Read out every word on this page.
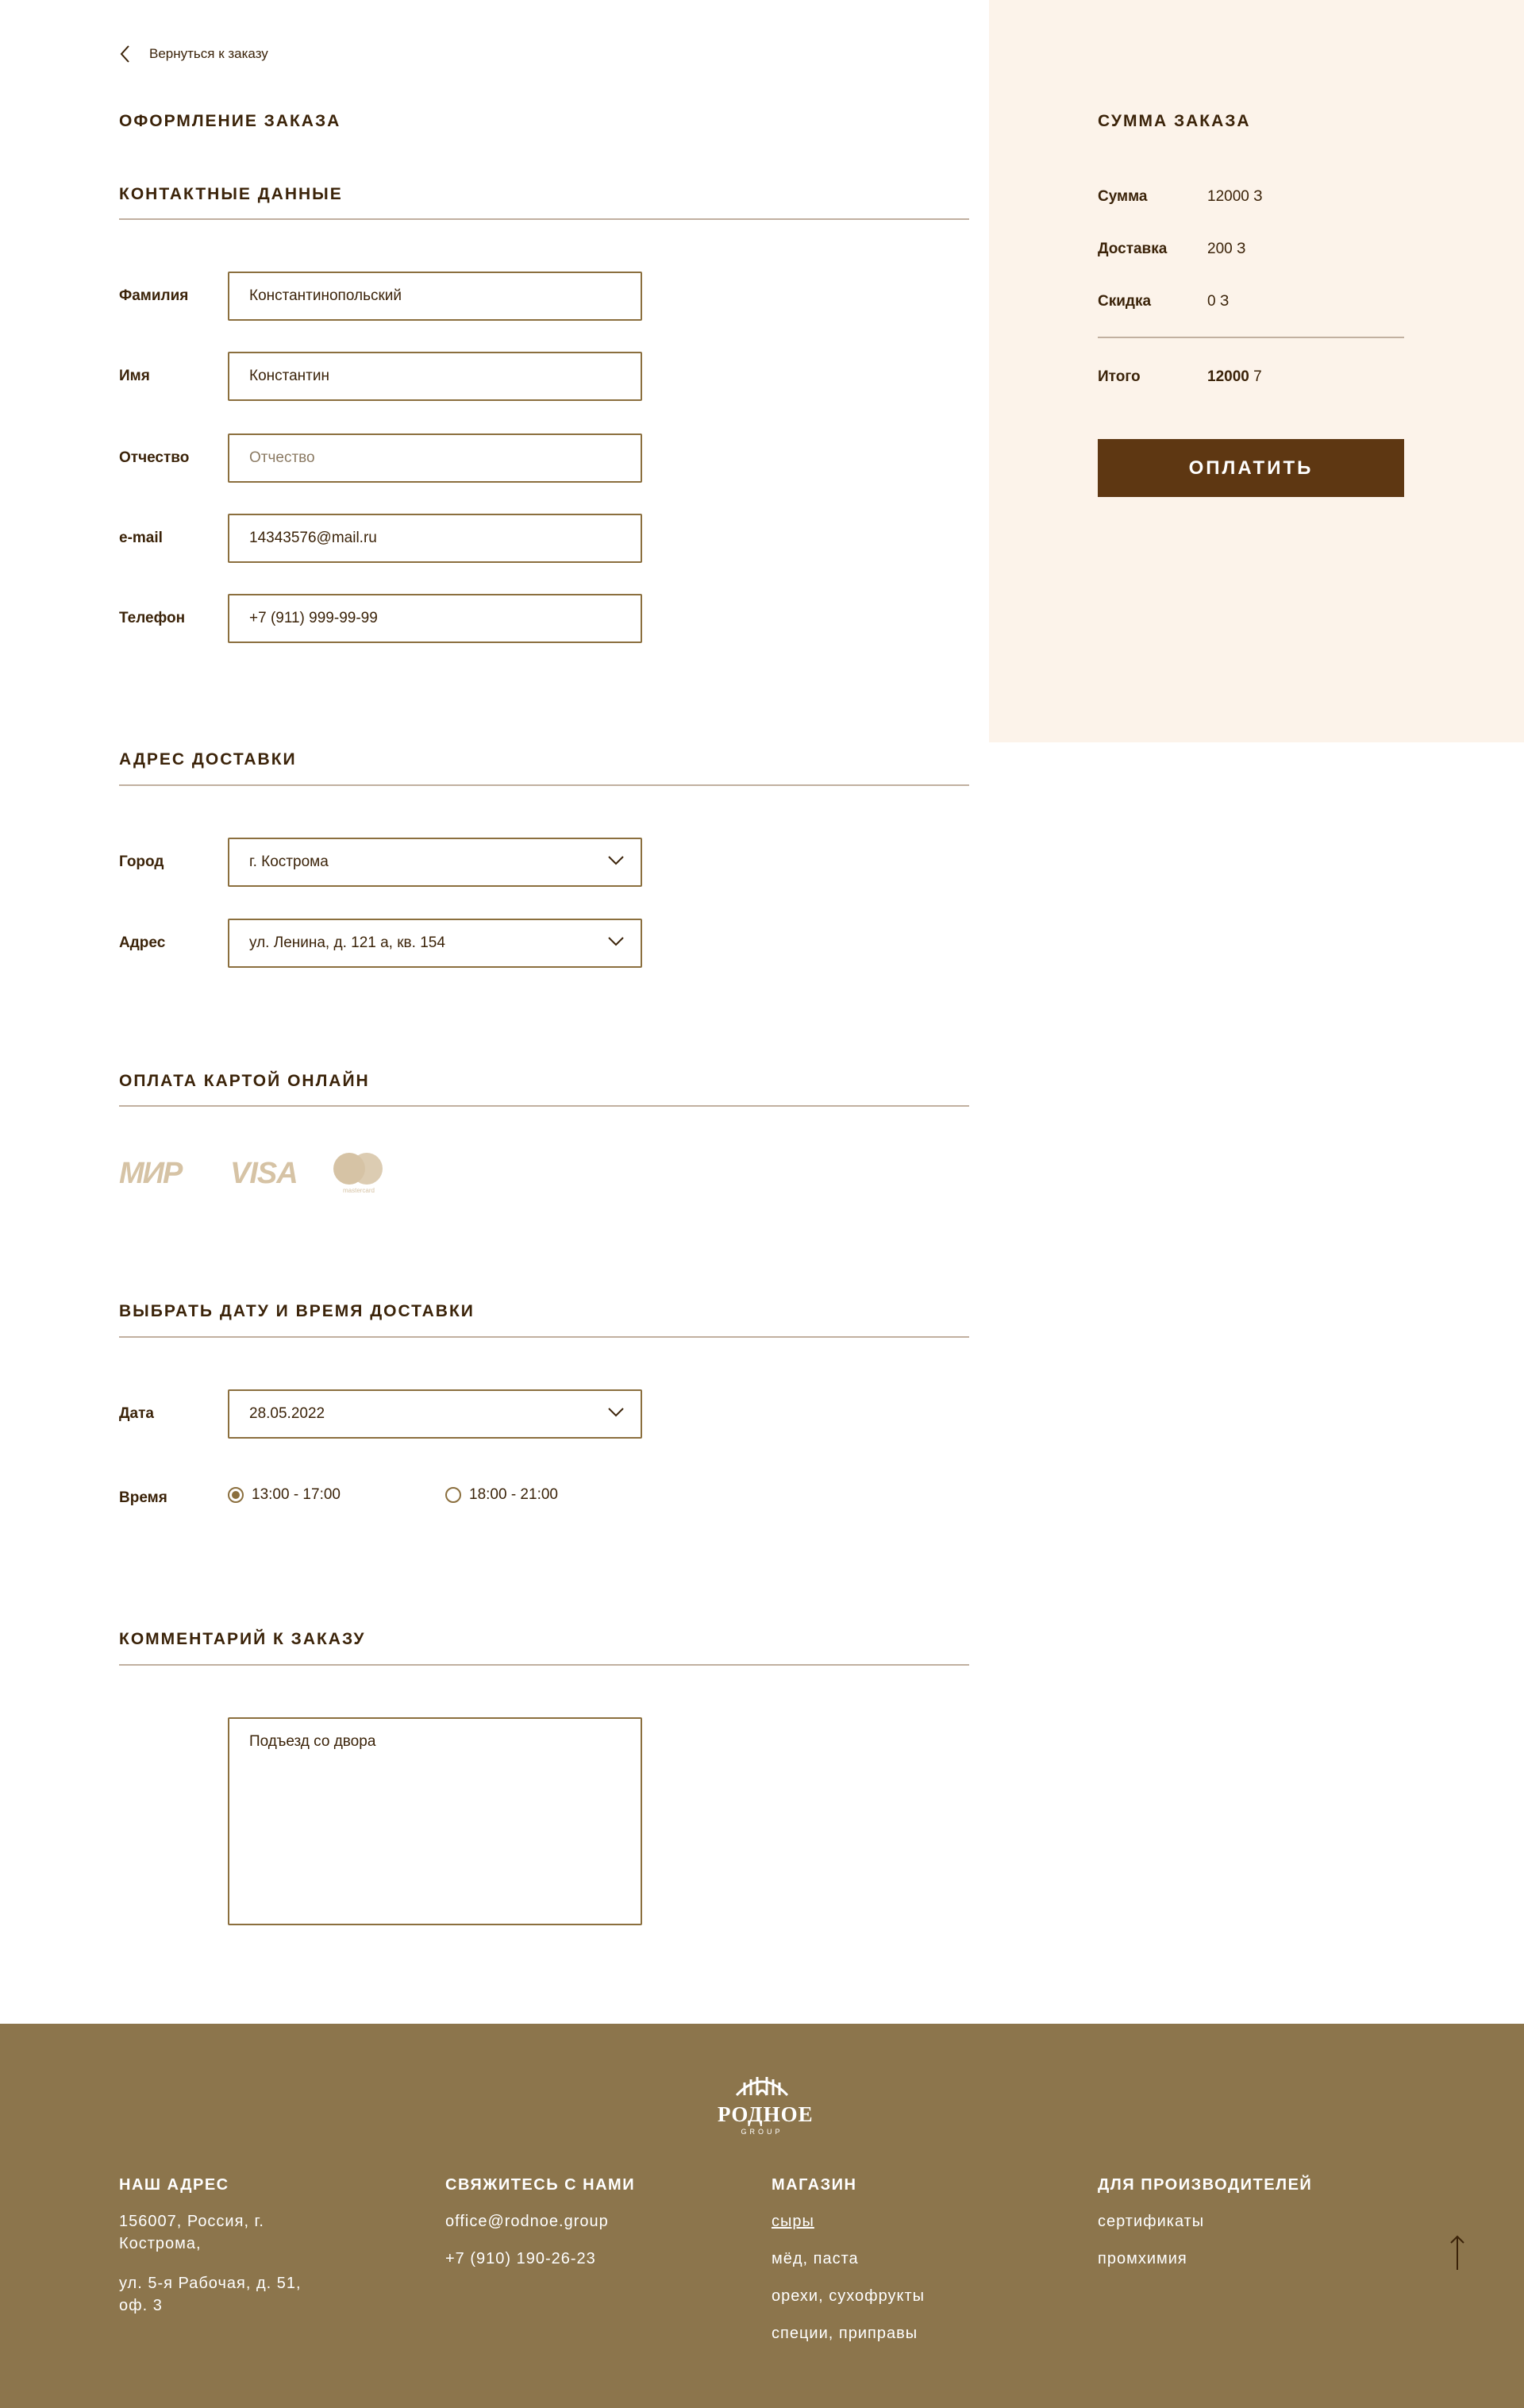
Вернуться к заказу
ОФОРМЛЕНИЕ ЗАКАЗА
КОНТАКТНЫЕ ДАННЫЕ
Фамилия	Константинопольский
Имя	Константин
Отчество	Отчество
e-mail	14343576@mail.ru
Телефон	+7 (911) 999-99-99
АДРЕС ДОСТАВКИ
Город	г. Кострома
Адрес	ул. Ленина, д. 121 а, кв. 154
ОПЛАТА КАРТОЙ ОНЛАЙН
МИР VISA
mastercard
ВЫБРАТЬ ДАТУ И ВРЕМЯ ДОСТАВКИ
Дата	28.05.2022
Время	13:00 - 17:00	18:00 - 21:00
КОММЕНТАРИЙ К ЗАКАЗУ
Подъезд со двора
СУММА ЗАКАЗА
Сумма	12000 З
Доставка	200 З
Скидка	0 З
Итого	12000 7
ОПЛАТИТЬ
РОДНОЕ
GROUP
НАШ АДРЕС
156007, Россия, г. Кострома,
ул. 5-я Рабочая, д. 51, оф. 3
СВЯЖИТЕСЬ С НАМИ
office@rodnoe.group
+7 (910) 190-26-23
МАГАЗИН
сыры
мёд, паста
орехи, сухофрукты
специи, приправы
ДЛЯ ПРОИЗВОДИТЕЛЕЙ
сертификаты
промхимия
